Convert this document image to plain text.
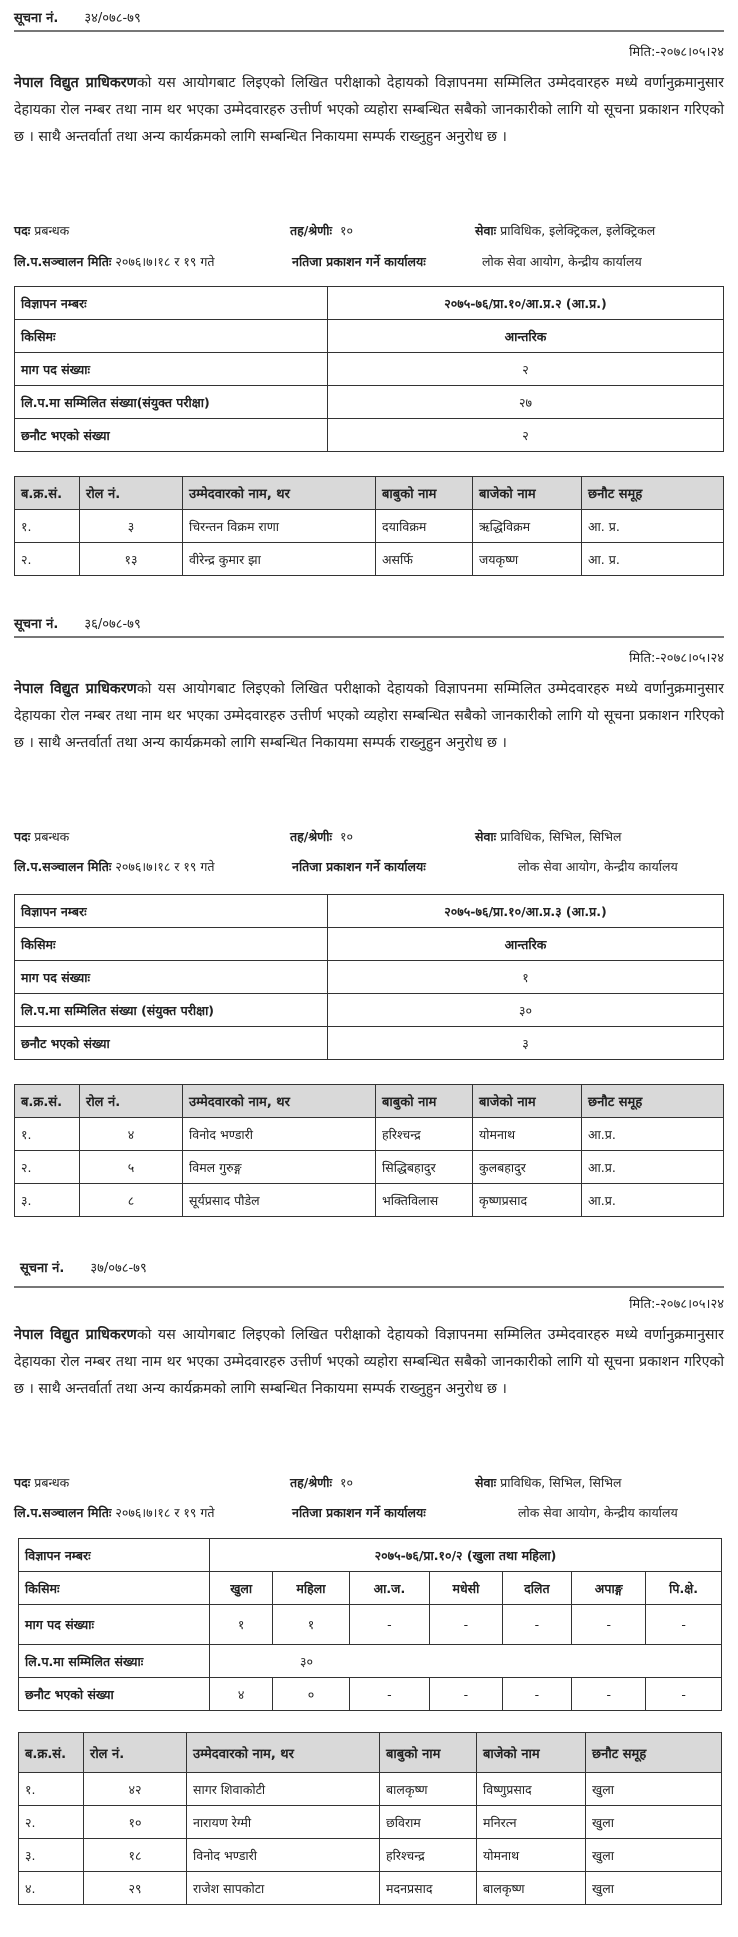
सूचना नं. ३४/०७८-७९
मिति:-२०७८।०५।२४
नेपाल विद्युत प्राधिकरणको यस आयोगबाट लिइएको लिखित परीक्षाको देहायको विज्ञापनमा सम्मिलित उम्मेदवारहरु मध्ये वर्णानुक्रमानुसार देहायका रोल नम्बर तथा नाम थर भएका उम्मेदवारहरु उत्तीर्ण भएको व्यहोरा सम्बन्धित सबैको जानकारीको लागि यो सूचना प्रकाशन गरिएको छ । साथै अन्तर्वार्ता तथा अन्य कार्यक्रमको लागि सम्बन्धित निकायमा सम्पर्क राख्नुहुन अनुरोध छ ।
पदः प्रबन्धक	तह/श्रेणीः १०	सेवाः प्राविधिक, इलेक्ट्रिकल, इलेक्ट्रिकल
लि.प.सञ्चालन मितिः २०७६।७।१८ र १९ गते	नतिजा प्रकाशन गर्ने कार्यालयः	लोक सेवा आयोग, केन्द्रीय कार्यालय
विज्ञापन नम्बरः	२०७५-७६/प्रा.१०/आ.प्र.२ (आ.प्र.)
किसिमः	आन्तरिक
माग पद संख्याः	२
लि.प.मा सम्मिलित संख्या(संयुक्त परीक्षा)	२७
छनौट भएको संख्या	२
ब.क्र.सं.	रोल नं.	उम्मेदवारको नाम, थर	बाबुको नाम	बाजेको नाम	छनौट समूह
१.	३	चिरन्तन विक्रम राणा	दयाविक्रम	ऋद्धिविक्रम	आ. प्र.
२.	१३	वीरेन्द्र कुमार झा	असर्फि	जयकृष्ण	आ. प्र.
सूचना नं. ३६/०७८-७९
मिति:-२०७८।०५।२४
नेपाल विद्युत प्राधिकरणको यस आयोगबाट लिइएको लिखित परीक्षाको देहायको विज्ञापनमा सम्मिलित उम्मेदवारहरु मध्ये वर्णानुक्रमानुसार देहायका रोल नम्बर तथा नाम थर भएका उम्मेदवारहरु उत्तीर्ण भएको व्यहोरा सम्बन्धित सबैको जानकारीको लागि यो सूचना प्रकाशन गरिएको छ । साथै अन्तर्वार्ता तथा अन्य कार्यक्रमको लागि सम्बन्धित निकायमा सम्पर्क राख्नुहुन अनुरोध छ ।
पदः प्रबन्धक	तह/श्रेणीः १०	सेवाः प्राविधिक, सिभिल, सिभिल
लि.प.सञ्चालन मितिः २०७६।७।१८ र १९ गते	नतिजा प्रकाशन गर्ने कार्यालयः	लोक सेवा आयोग, केन्द्रीय कार्यालय
विज्ञापन नम्बरः	२०७५-७६/प्रा.१०/आ.प्र.३ (आ.प्र.)
किसिमः	आन्तरिक
माग पद संख्याः	१
लि.प.मा सम्मिलित संख्या (संयुक्त परीक्षा)	३०
छनौट भएको संख्या	३
ब.क्र.सं.	रोल नं.	उम्मेदवारको नाम, थर	बाबुको नाम	बाजेको नाम	छनौट समूह
१.	४	विनोद भण्डारी	हरिश्चन्द्र	योमनाथ	आ.प्र.
२.	५	विमल गुरुङ्ग	सिद्धिबहादुर	कुलबहादुर	आ.प्र.
३.	८	सूर्यप्रसाद पौडेल	भक्तिविलास	कृष्णप्रसाद	आ.प्र.
सूचना नं. ३७/०७८-७९
मिति:-२०७८।०५।२४
नेपाल विद्युत प्राधिकरणको यस आयोगबाट लिइएको लिखित परीक्षाको देहायको विज्ञापनमा सम्मिलित उम्मेदवारहरु मध्ये वर्णानुक्रमानुसार देहायका रोल नम्बर तथा नाम थर भएका उम्मेदवारहरु उत्तीर्ण भएको व्यहोरा सम्बन्धित सबैको जानकारीको लागि यो सूचना प्रकाशन गरिएको छ । साथै अन्तर्वार्ता तथा अन्य कार्यक्रमको लागि सम्बन्धित निकायमा सम्पर्क राख्नुहुन अनुरोध छ ।
पदः प्रबन्धक	तह/श्रेणीः १०	सेवाः प्राविधिक, सिभिल, सिभिल
लि.प.सञ्चालन मितिः २०७६।७।१८ र १९ गते	नतिजा प्रकाशन गर्ने कार्यालयः	लोक सेवा आयोग, केन्द्रीय कार्यालय
विज्ञापन नम्बरः	२०७५-७६/प्रा.१०/२ (खुला तथा महिला)						
किसिमः	खुला	महिला	आ.ज.	मधेसी	दलित	अपाङ्ग	पि.क्षे.
माग पद संख्याः	१	१	-	-	-	-	-
लि.प.मा सम्मिलित संख्याः	३०						
छनौट भएको संख्या	४	०	-	-	-	-	-
ब.क्र.सं.	रोल नं.	उम्मेदवारको नाम, थर	बाबुको नाम	बाजेको नाम	छनौट समूह
१.	४२	सागर शिवाकोटी	बालकृष्ण	विष्णुप्रसाद	खुला
२.	१०	नारायण रेग्मी	छविराम	मनिरत्न	खुला
३.	१८	विनोद भण्डारी	हरिश्चन्द्र	योमनाथ	खुला
४.	२९	राजेश सापकोटा	मदनप्रसाद	बालकृष्ण	खुला
